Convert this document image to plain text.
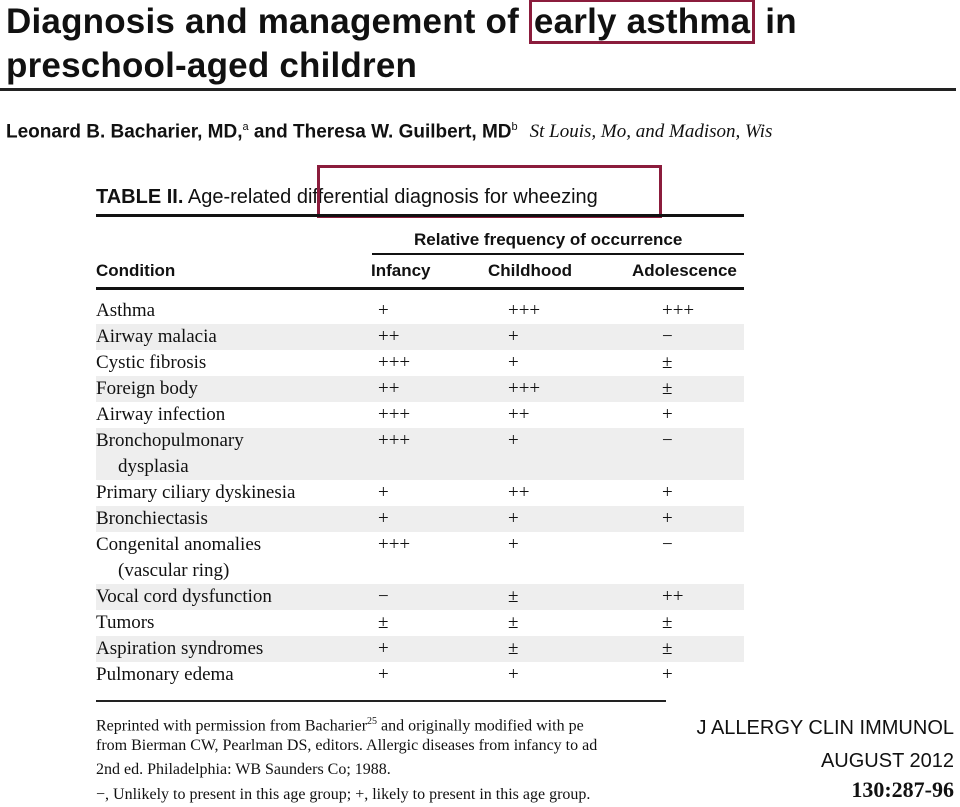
Diagnosis and management of early asthma in
preschool-aged children
Leonard B. Bacharier, MD,$^a$ and Theresa W. Guilbert, $MD^b$ St Louis, Mo, and Madison, Wis
TABLE II. Age-related differential diagnosis for wheezing
Relative frequency of occurrence
Condition	Infancy	Childhood	Adolescence
Asthma	+	+++	+++
Airway malacia	++	+	−
Cystic fibrosis	+++	+	±
Foreign body	++	+++	±
Airway infection	+++	++	+
Bronchopulmonary
dysplasia
+++	+	−
Primary ciliary dyskinesia	+	++	+
Bronchiectasis	+	+	+
Congenital anomalies
(vascular ring)
+++	+	−
Vocal cord dysfunction	−	±	++
Tumors	±	±	±
Aspiration syndromes	+	±	±
Pulmonary edema	+	+	+
Reprinted with permission from Bacharier$^{25}$ and originally modified with pe
from Bierman CW, Pearlman DS, editors. Allergic diseases from infancy to ad
2nd ed. Philadelphia: WB Saunders Co; 1988.
−, Unlikely to present in this age group; +, likely to present in this age group.
J ALLERGY CLIN IMMUNOL
AUGUST 2012
130:287-96
